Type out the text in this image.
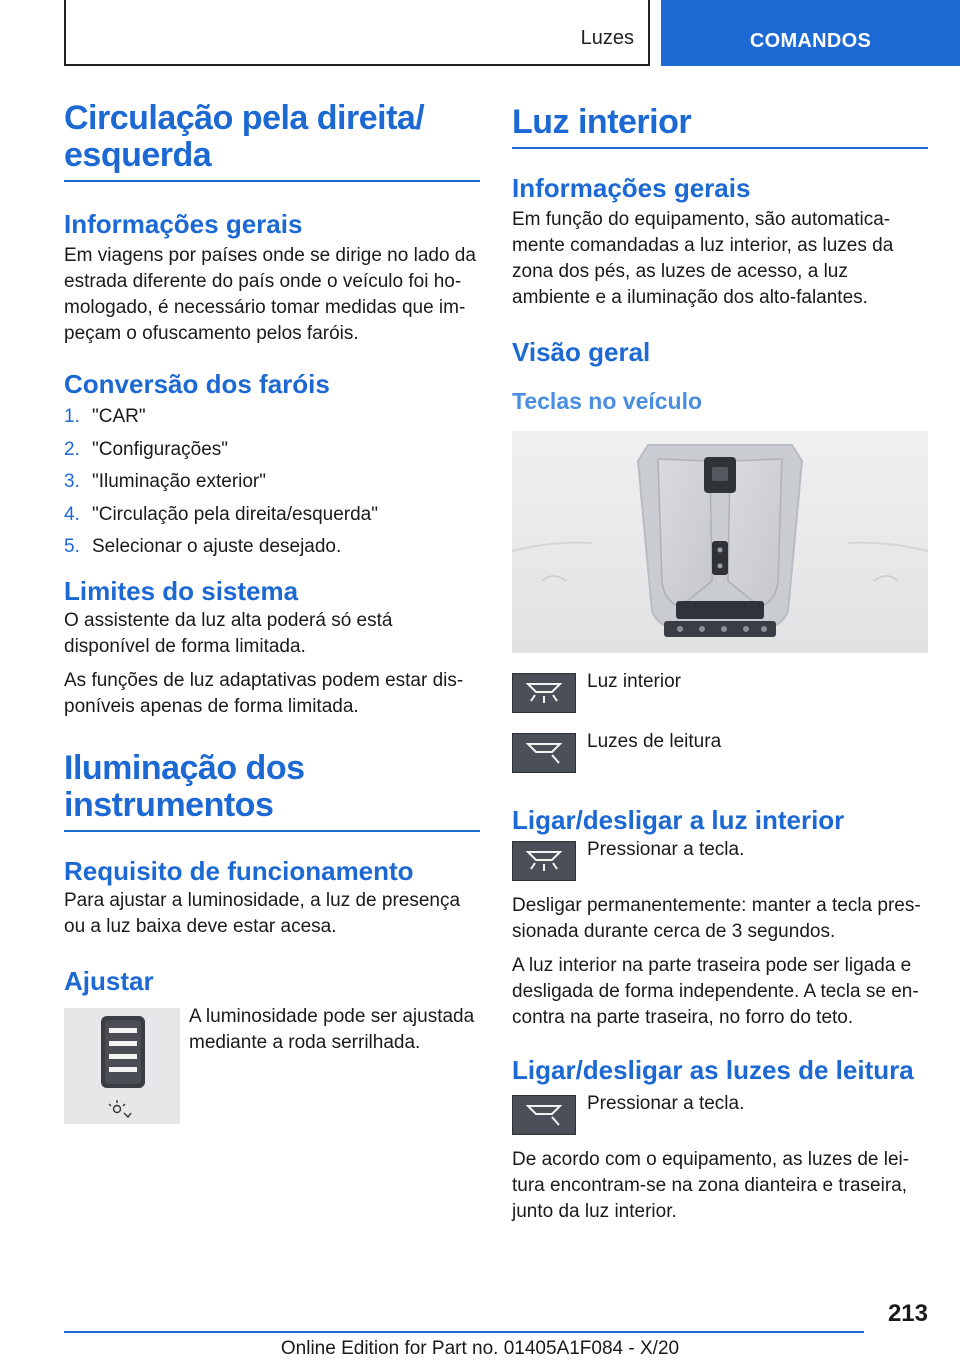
Luzes	COMANDOS
Circulação pela direita/ esquerda
Informações gerais
Em viagens por países onde se dirige no lado da estrada diferente do país onde o veículo foi ho- mologado, é necessário tomar medidas que im- peçam o ofuscamento pelos faróis.
Conversão dos faróis
1. "CAR"
2. "Configurações"
3. "Iluminação exterior"
4. "Circulação pela direita/esquerda"
5. Selecionar o ajuste desejado.
Limites do sistema
O assistente da luz alta poderá só está disponível de forma limitada.
As funções de luz adaptativas podem estar dis- poníveis apenas de forma limitada.
Iluminação dos instrumentos
Requisito de funcionamento
Para ajustar a luminosidade, a luz de presença ou a luz baixa deve estar acesa.
Ajustar
A luminosidade pode ser ajustada mediante a roda serrilhada.
Luz interior
Informações gerais
Em função do equipamento, são automatica- mente comandadas a luz interior, as luzes da zona dos pés, as luzes de acesso, a luz ambiente e a iluminação dos alto-falantes.
Visão geral
Teclas no veículo
Luz interior
Luzes de leitura
Ligar/desligar a luz interior
Pressionar a tecla.
Desligar permanentemente: manter a tecla pres- sionada durante cerca de 3 segundos.
A luz interior na parte traseira pode ser ligada e desligada de forma independente. A tecla se en- contra na parte traseira, no forro do teto.
Ligar/desligar as luzes de leitura
Pressionar a tecla.
De acordo com o equipamento, as luzes de lei- tura encontram-se na zona dianteira e traseira, junto da luz interior.
213
Online Edition for Part no. 01405A1F084 - X/20
